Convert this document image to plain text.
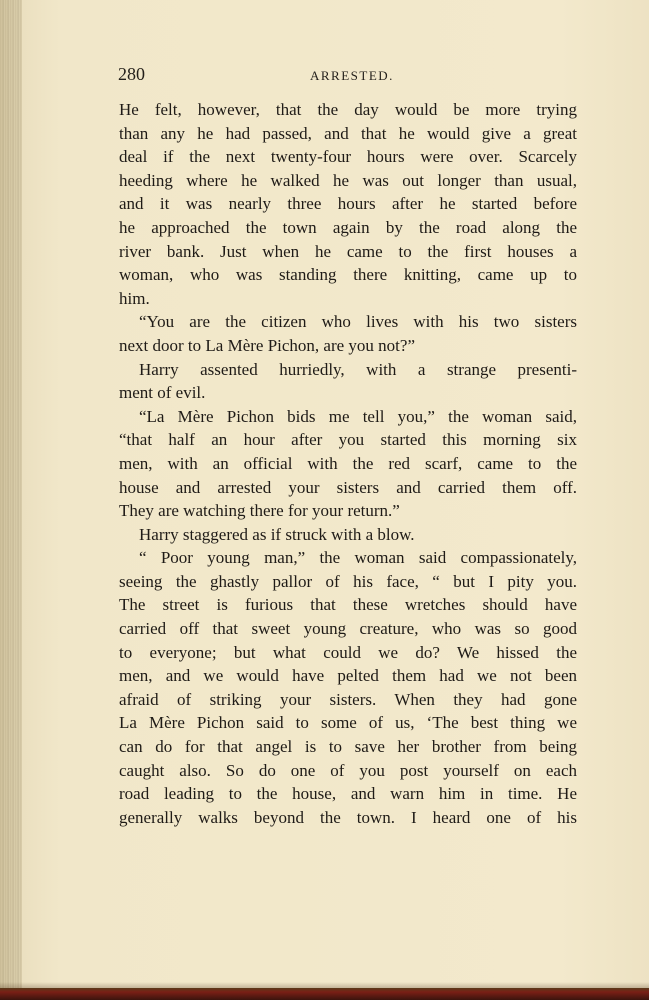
280	ARRESTED.
He felt, however, that the day would be more trying
than any he had passed, and that he would give a great
deal if the next twenty-four hours were over. Scarcely
heeding where he walked he was out longer than usual,
and it was nearly three hours after he started before
he approached the town again by the road along the
river bank. Just when he came to the first houses a
woman, who was standing there knitting, came up to
him.
“You are the citizen who lives with his two sisters
next door to La Mère Pichon, are you not?”
Harry assented hurriedly, with a strange presenti-
ment of evil.
“La Mère Pichon bids me tell you,” the woman said,
“that half an hour after you started this morning six
men, with an official with the red scarf, came to the
house and arrested your sisters and carried them off.
They are watching there for your return.”
Harry staggered as if struck with a blow.
“ Poor young man,” the woman said compassionately,
seeing the ghastly pallor of his face, “ but I pity you.
The street is furious that these wretches should have
carried off that sweet young creature, who was so good
to everyone; but what could we do? We hissed the
men, and we would have pelted them had we not been
afraid of striking your sisters. When they had gone
La Mère Pichon said to some of us, ‘The best thing we
can do for that angel is to save her brother from being
caught also. So do one of you post yourself on each
road leading to the house, and warn him in time. He
generally walks beyond the town. I heard one of his
